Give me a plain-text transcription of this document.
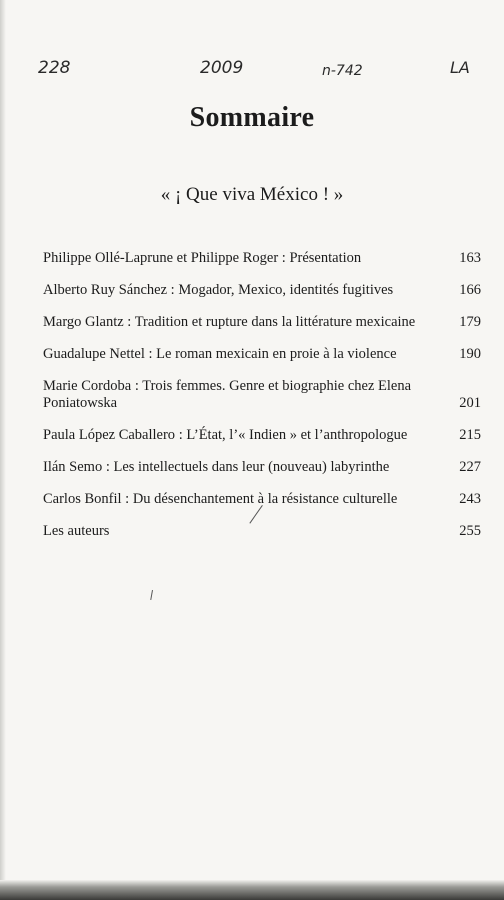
228	2009	n-742	LA
Sommaire
« ¡ Que viva México ! »
Philippe Ollé-Laprune et Philippe Roger : Présentation	163
Alberto Ruy Sánchez : Mogador, Mexico, identités fugitives	166
Margo Glantz : Tradition et rupture dans la littérature mexicaine	179
Guadalupe Nettel : Le roman mexicain en proie à la violence	190
Marie Cordoba : Trois femmes. Genre et biographie chez Elena Poniatowska	201
Paula López Caballero : L’État, l’« Indien » et l’anthropologue	215
Ilán Semo : Les intellectuels dans leur (nouveau) labyrinthe	227
Carlos Bonfil : Du désenchantement à la résistance culturelle	243
Les auteurs	255
